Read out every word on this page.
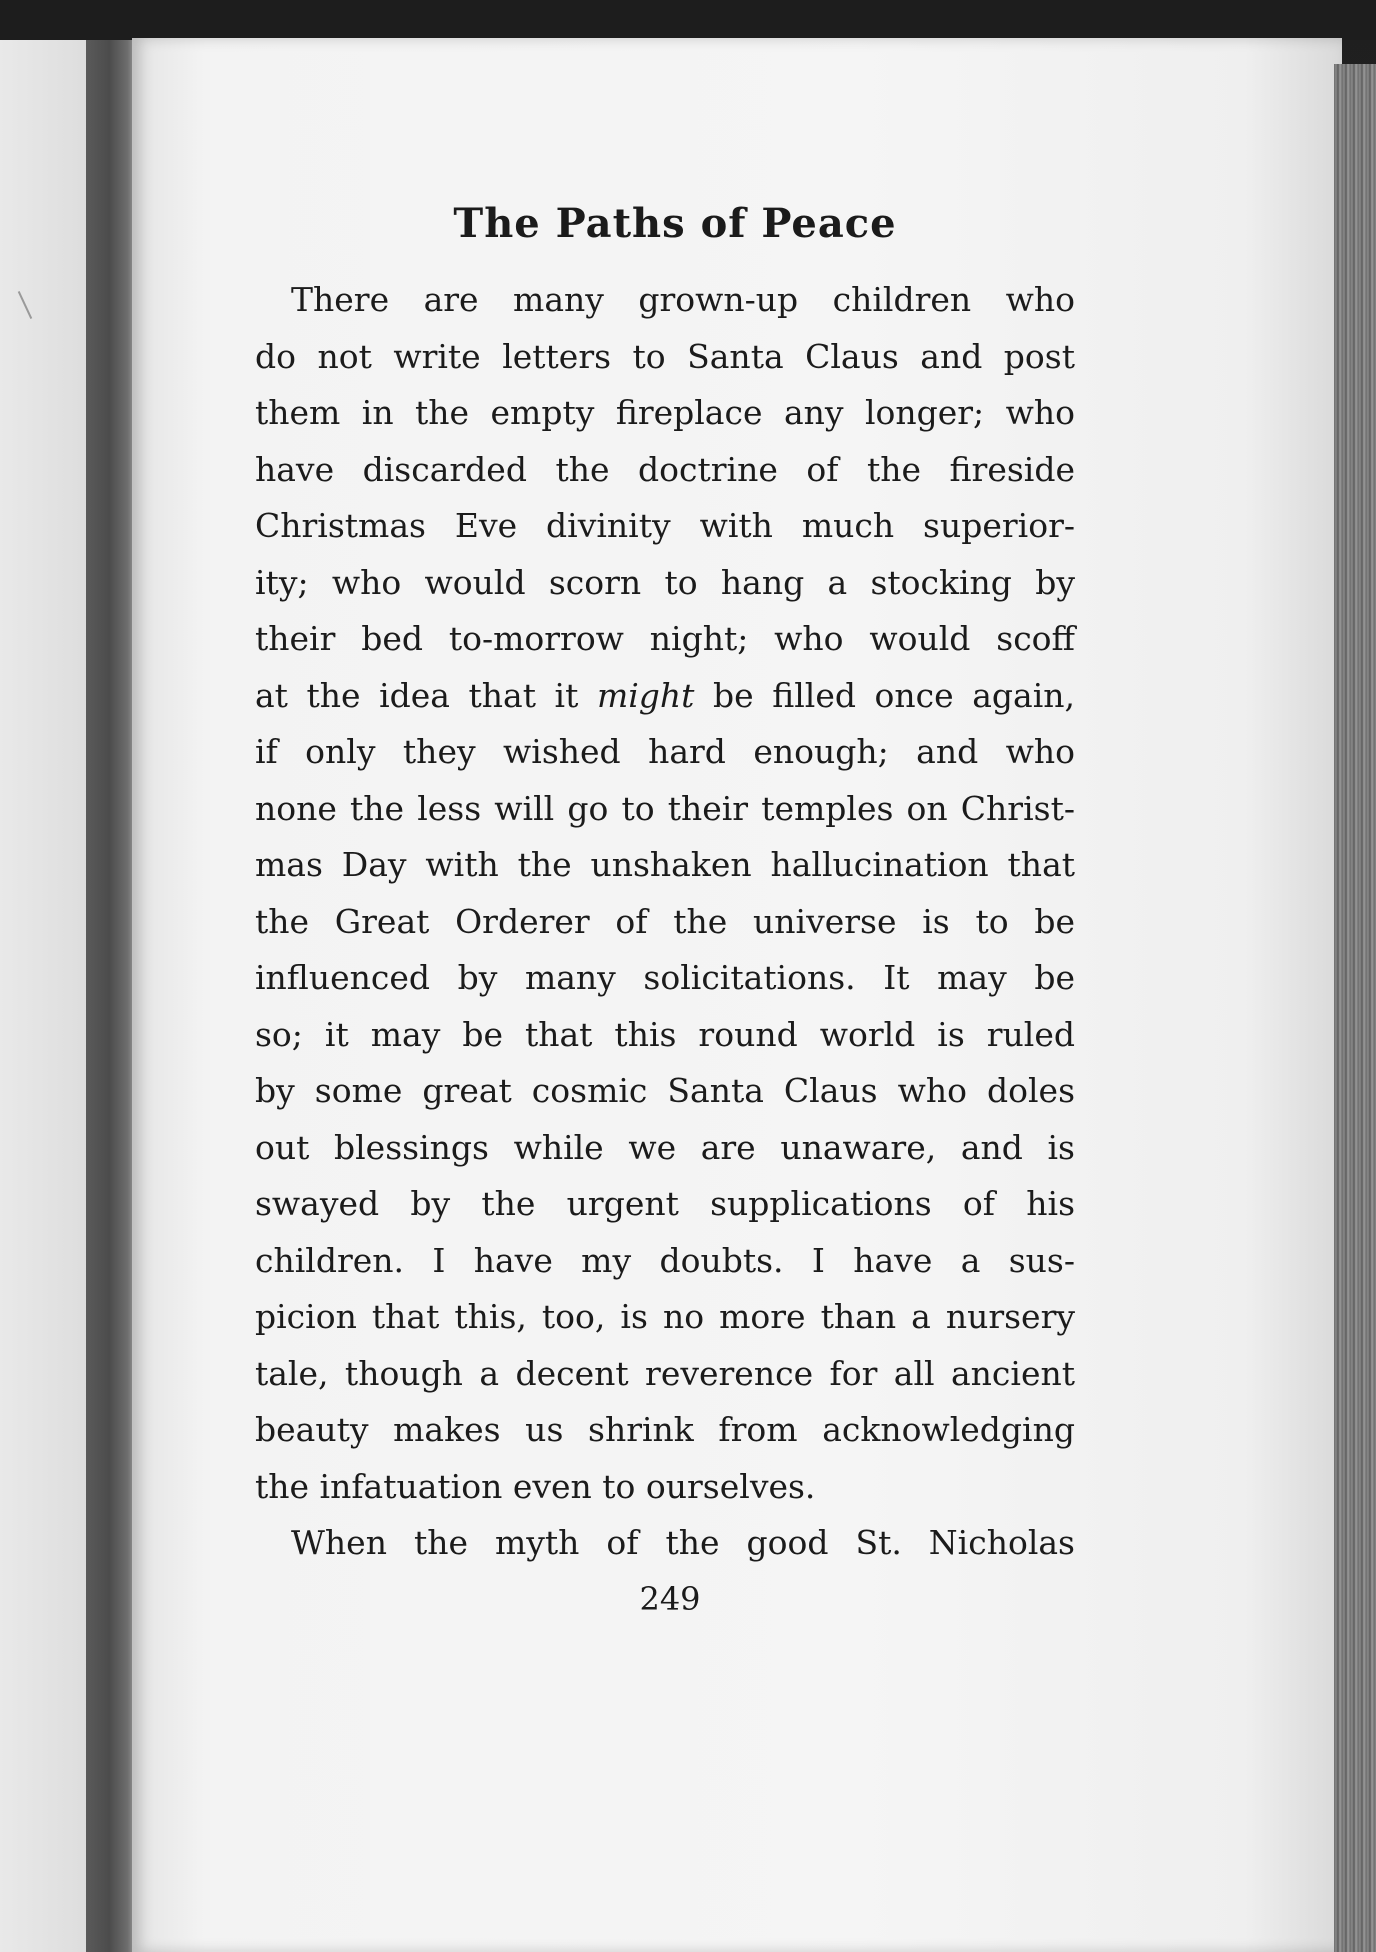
The Paths of Peace
There are many grown-up children who
do not write letters to Santa Claus and post
them in the empty fireplace any longer; who
have discarded the doctrine of the fireside
Christmas Eve divinity with much superior-
ity; who would scorn to hang a stocking by
their bed to-morrow night; who would scoff
at the idea that it might be filled once again,
if only they wished hard enough; and who
none the less will go to their temples on Christ-
mas Day with the unshaken hallucination that
the Great Orderer of the universe is to be
influenced by many solicitations. It may be
so; it may be that this round world is ruled
by some great cosmic Santa Claus who doles
out blessings while we are unaware, and is
swayed by the urgent supplications of his
children. I have my doubts. I have a sus-
picion that this, too, is no more than a nursery
tale, though a decent reverence for all ancient
beauty makes us shrink from acknowledging
the infatuation even to ourselves.
When the myth of the good St. Nicholas
249
